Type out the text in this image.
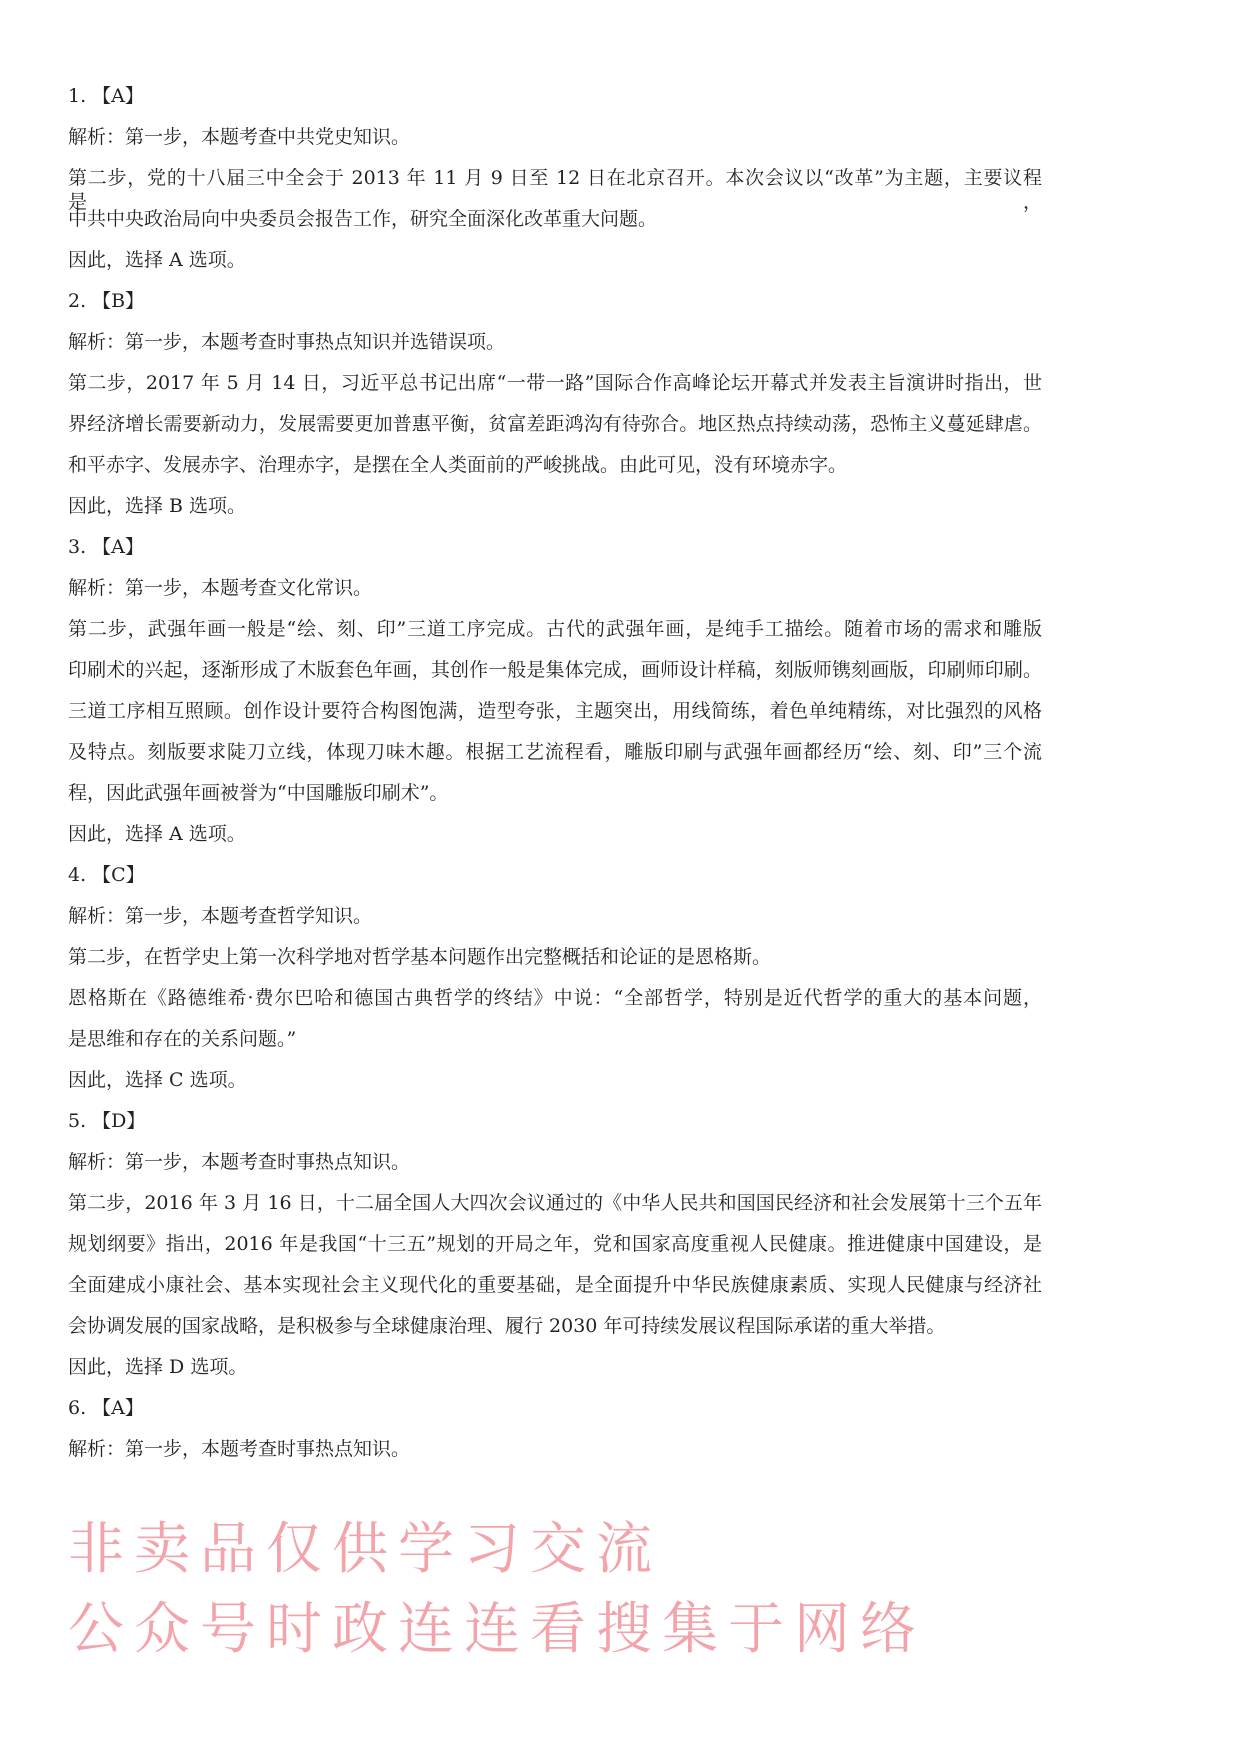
1. 【A】
解析：第一步，本题考查中共党史知识。
第二步，党的十八届三中全会于 2013 年 11 月 9 日至 12 日在北京召开。本次会议以“改革”为主题，主要议程是，
中共中央政治局向中央委员会报告工作，研究全面深化改革重大问题。
因此，选择 A 选项。
2. 【B】
解析：第一步，本题考查时事热点知识并选错误项。
第二步，2017 年 5 月 14 日，习近平总书记出席“一带一路”国际合作高峰论坛开幕式并发表主旨演讲时指出，世
界经济增长需要新动力，发展需要更加普惠平衡，贫富差距鸿沟有待弥合。地区热点持续动荡，恐怖主义蔓延肆虐。
和平赤字、发展赤字、治理赤字，是摆在全人类面前的严峻挑战。由此可见，没有环境赤字。
因此，选择 B 选项。
3. 【A】
解析：第一步，本题考查文化常识。
第二步，武强年画一般是“绘、刻、印”三道工序完成。古代的武强年画，是纯手工描绘。随着市场的需求和雕版
印刷术的兴起，逐渐形成了木版套色年画，其创作一般是集体完成，画师设计样稿，刻版师镌刻画版，印刷师印刷。
三道工序相互照顾。创作设计要符合构图饱满，造型夸张，主题突出，用线简练，着色单纯精练，对比强烈的风格
及特点。刻版要求陡刀立线，体现刀味木趣。根据工艺流程看，雕版印刷与武强年画都经历“绘、刻、印”三个流
程，因此武强年画被誉为“中国雕版印刷术”。
因此，选择 A 选项。
4. 【C】
解析：第一步，本题考查哲学知识。
第二步，在哲学史上第一次科学地对哲学基本问题作出完整概括和论证的是恩格斯。
恩格斯在《路德维希·费尔巴哈和德国古典哲学的终结》中说：“全部哲学，特别是近代哲学的重大的基本问题，
是思维和存在的关系问题。”
因此，选择 C 选项。
5. 【D】
解析：第一步，本题考查时事热点知识。
第二步，2016 年 3 月 16 日，十二届全国人大四次会议通过的《中华人民共和国国民经济和社会发展第十三个五年
规划纲要》指出，2016 年是我国“十三五”规划的开局之年，党和国家高度重视人民健康。推进健康中国建设，是
全面建成小康社会、基本实现社会主义现代化的重要基础，是全面提升中华民族健康素质、实现人民健康与经济社
会协调发展的国家战略，是积极参与全球健康治理、履行 2030 年可持续发展议程国际承诺的重大举措。
因此，选择 D 选项。
6. 【A】
解析：第一步，本题考查时事热点知识。
非卖品仅供学习交流 公众号时政连连看搜集于网络
